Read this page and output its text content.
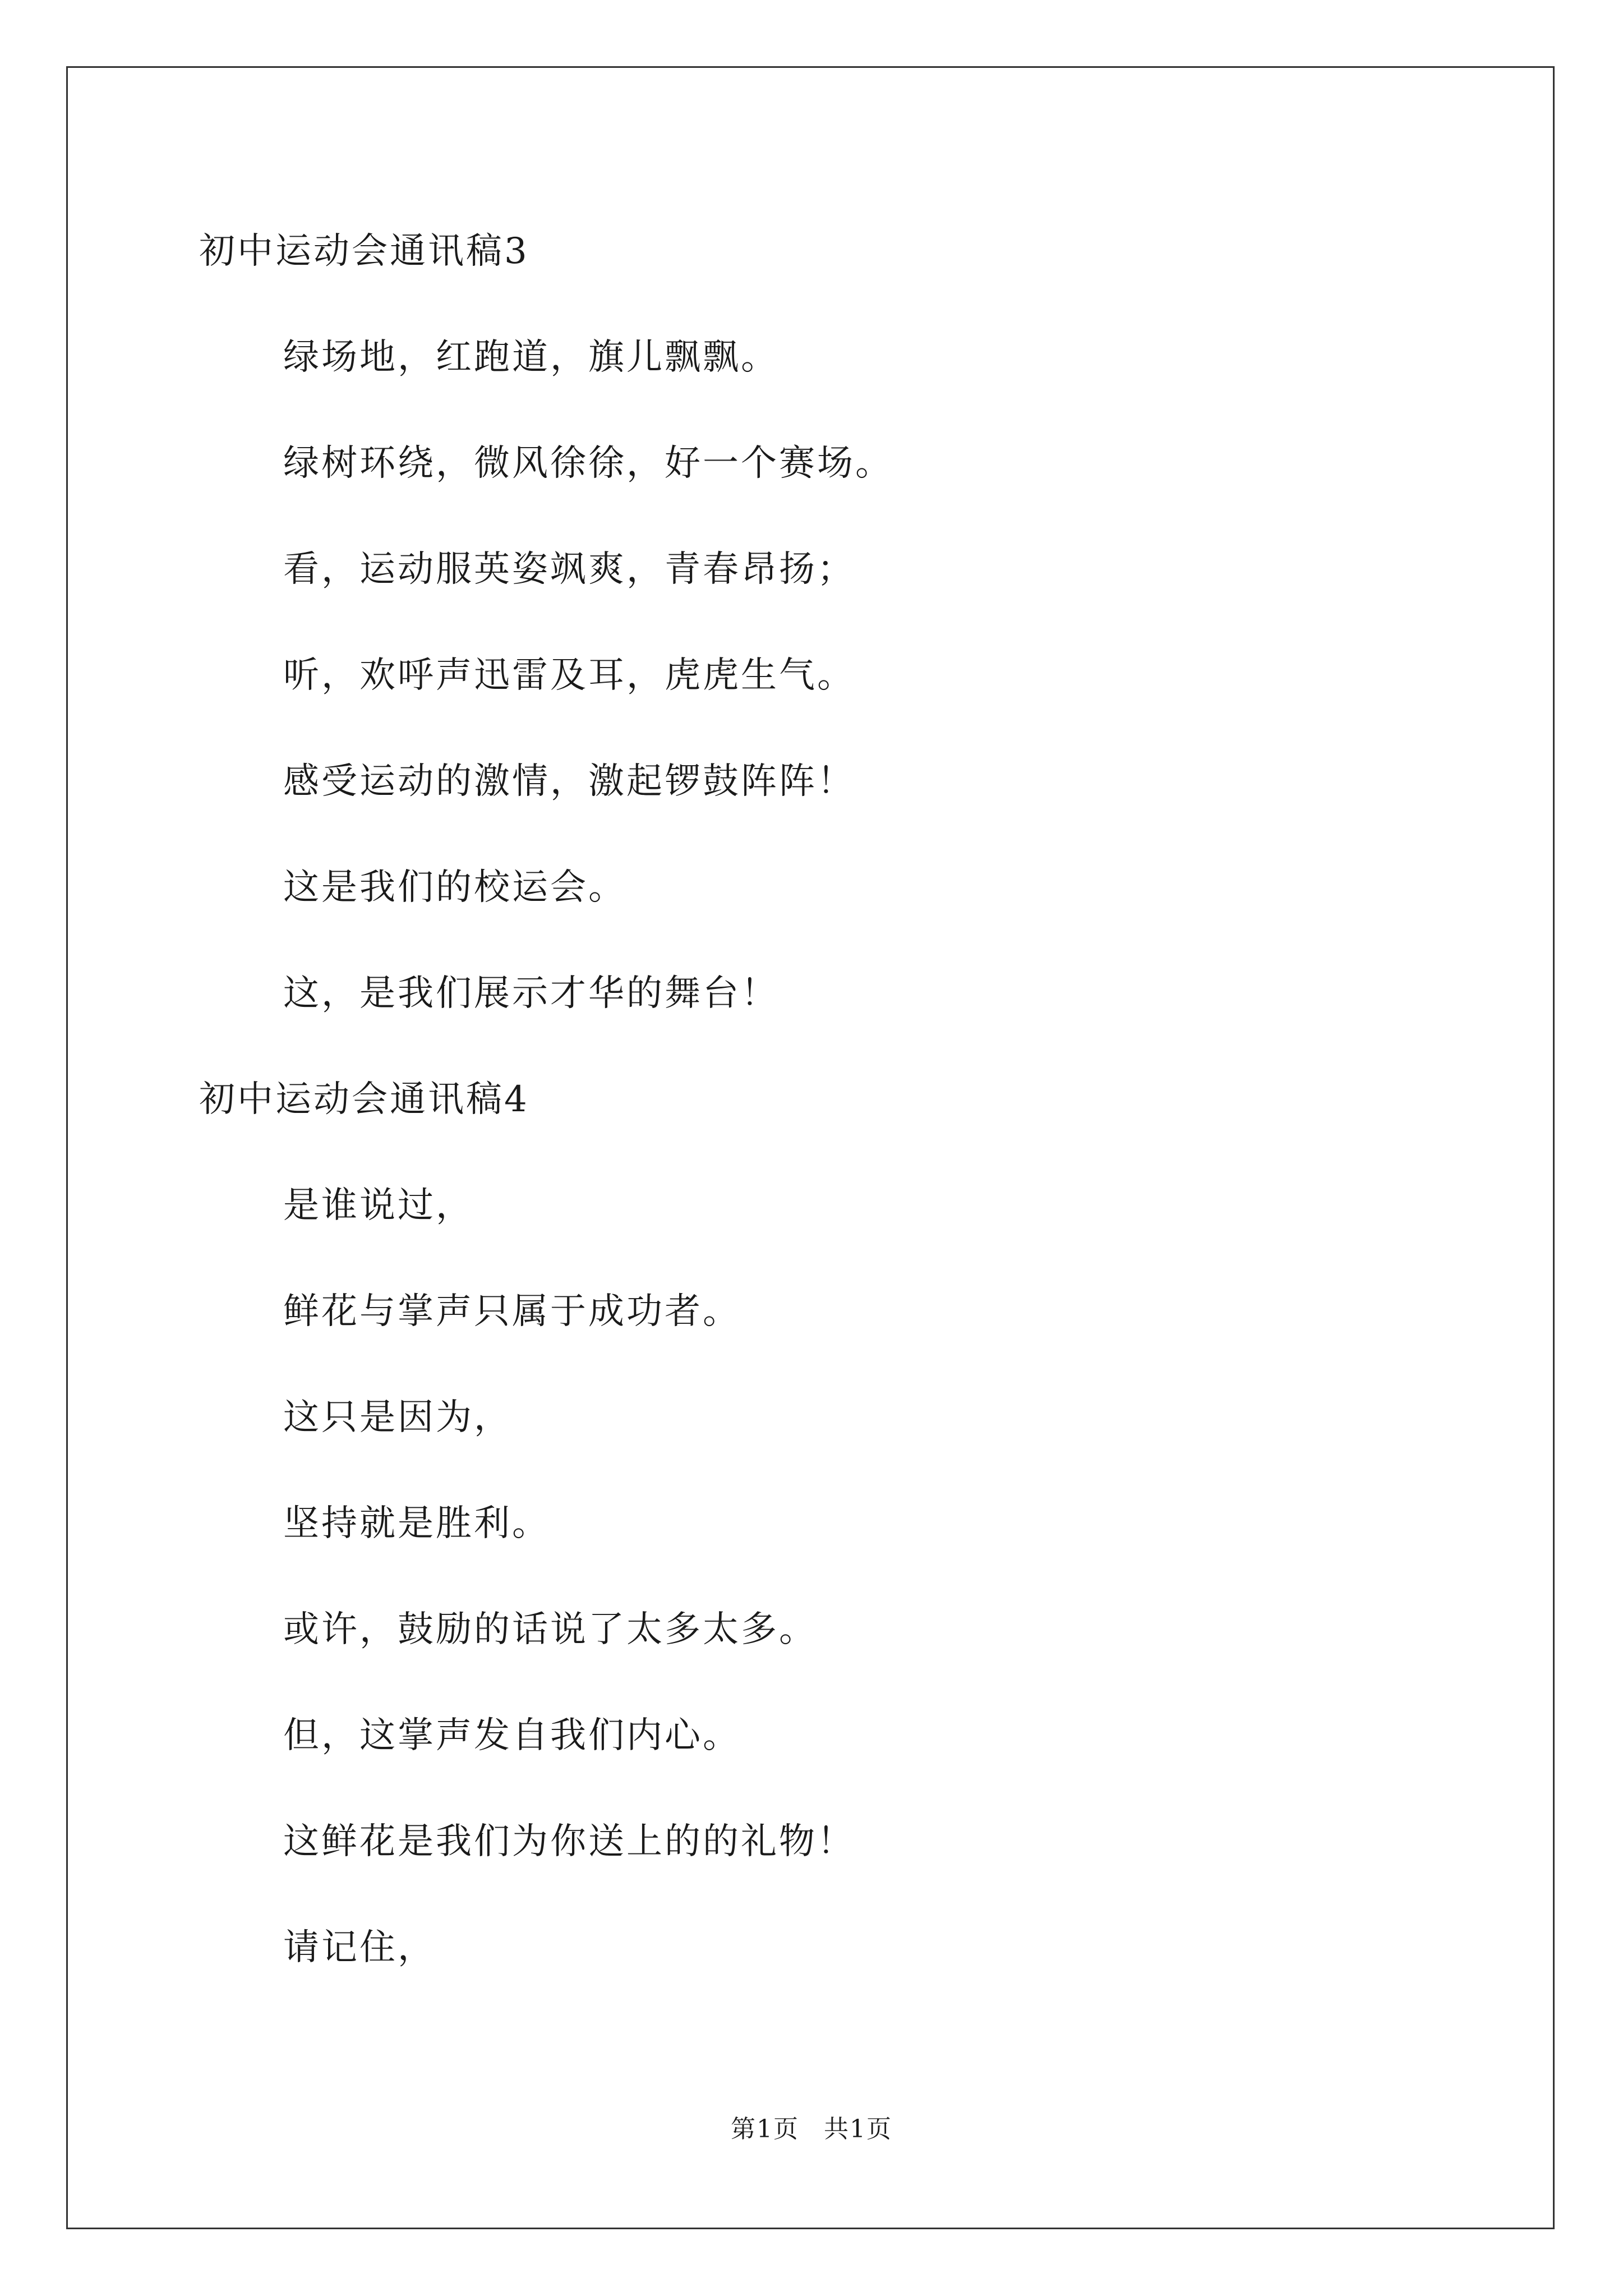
初中运动会通讯稿3
绿场地，红跑道，旗儿飘飘。
绿树环绕，微风徐徐，好一个赛场。
看，运动服英姿飒爽，青春昂扬；
听，欢呼声迅雷及耳，虎虎生气。
感受运动的激情，激起锣鼓阵阵！
这是我们的校运会。
这，是我们展示才华的舞台！
初中运动会通讯稿4
是谁说过，
鲜花与掌声只属于成功者。
这只是因为，
坚持就是胜利。
或许，鼓励的话说了太多太多。
但，这掌声发自我们内心。
这鲜花是我们为你送上的的礼物！
请记住，
第1页 共1页
